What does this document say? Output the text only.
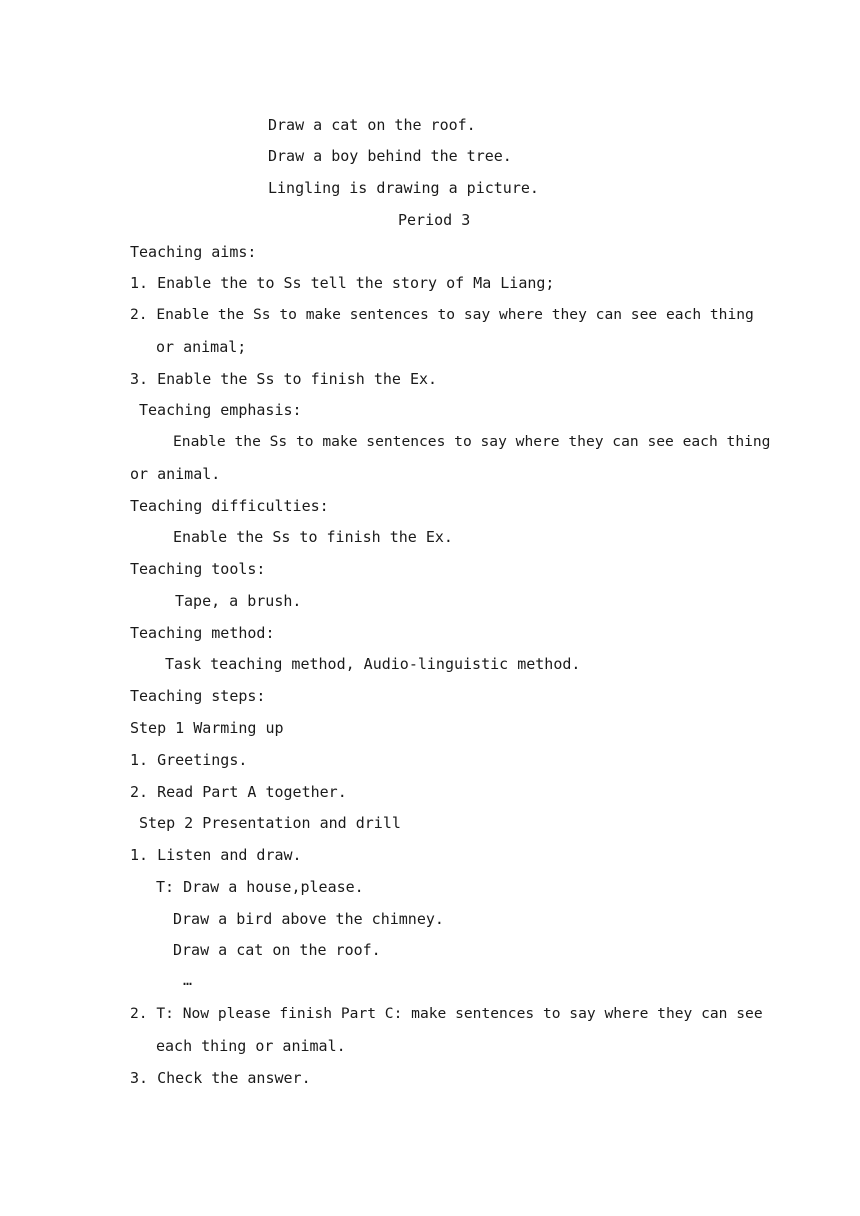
Draw a cat on the roof.
Draw a boy behind the tree.
Lingling is drawing a picture.
Period 3
Teaching aims:
1. Enable the to Ss tell the story of Ma Liang;
2. Enable the Ss to make sentences to say where they can see each thing
or animal;
3. Enable the Ss to finish the Ex.
Teaching emphasis:
Enable the Ss to make sentences to say where they can see each thing
or animal.
Teaching difficulties:
Enable the Ss to finish the Ex.
Teaching tools:
Tape, a brush.
Teaching method:
Task teaching method, Audio-linguistic method.
Teaching steps:
Step 1 Warming up
1. Greetings.
2. Read Part A together.
Step 2 Presentation and drill
1. Listen and draw.
T: Draw a house,please.
Draw a bird above the chimney.
Draw a cat on the roof.
…
2. T: Now please finish Part C: make sentences to say where they can see
each thing or animal.
3. Check the answer.
